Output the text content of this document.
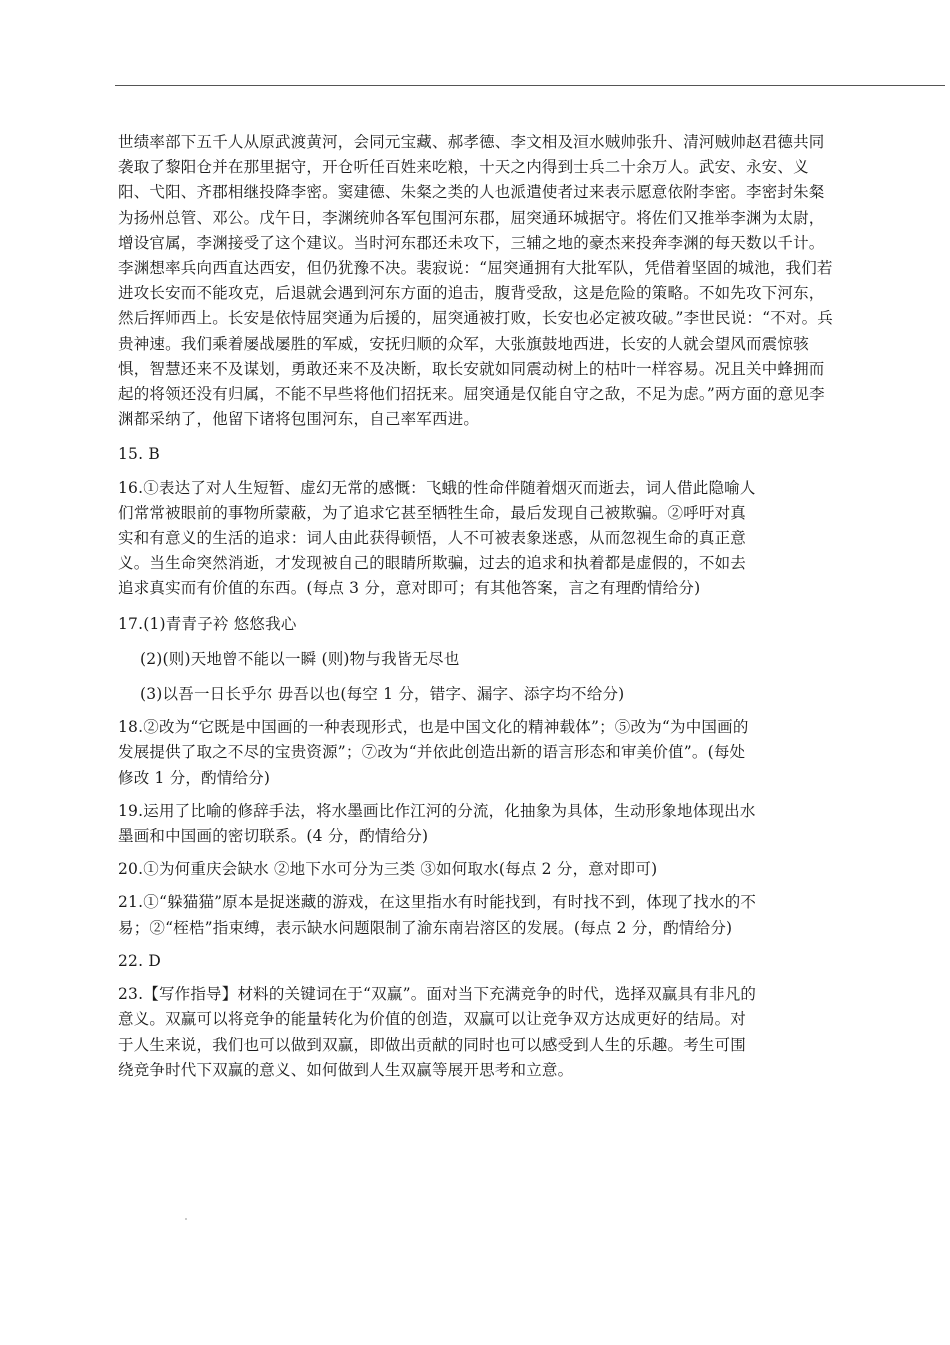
世绩率部下五千人从原武渡黄河，会同元宝藏、郝孝德、李文相及洹水贼帅张升、清河贼帅赵君德共同袭取了黎阳仓并在那里据守，开仓听任百姓来吃粮，十天之内得到士兵二十余万人。武安、永安、义阳、弋阳、齐郡相继投降李密。窦建德、朱粲之类的人也派遣使者过来表示愿意依附李密。李密封朱粲为扬州总管、邓公。戊午日，李渊统帅各军包围河东郡，屈突通环城据守。将佐们又推举李渊为太尉，增设官属，李渊接受了这个建议。当时河东郡还未攻下，三辅之地的豪杰来投奔李渊的每天数以千计。李渊想率兵向西直达西安，但仍犹豫不决。裴寂说：“屈突通拥有大批军队，凭借着坚固的城池，我们若进攻长安而不能攻克，后退就会遇到河东方面的追击，腹背受敌，这是危险的策略。不如先攻下河东，然后挥师西上。长安是依恃屈突通为后援的，屈突通被打败，长安也必定被攻破。”李世民说：“不对。兵贵神速。我们乘着屡战屡胜的军威，安抚归顺的众军，大张旗鼓地西进，长安的人就会望风而震惊骇惧，智慧还来不及谋划，勇敢还来不及决断，取长安就如同震动树上的枯叶一样容易。况且关中蜂拥而起的将领还没有归属，不能不早些将他们招抚来。屈突通是仅能自守之敌，不足为虑。”两方面的意见李渊都采纳了，他留下诸将包围河东，自己率军西进。

15. B

16.①表达了对人生短暂、虚幻无常的感慨：飞蛾的性命伴随着烟灭而逝去，词人借此隐喻人们常常被眼前的事物所蒙蔽，为了追求它甚至牺牲生命，最后发现自己被欺骗。②呼吁对真实和有意义的生活的追求：词人由此获得顿悟，人不可被表象迷惑，从而忽视生命的真正意义。当生命突然消逝，才发现被自己的眼睛所欺骗，过去的追求和执着都是虚假的，不如去追求真实而有价值的东西。(每点 3 分，意对即可；有其他答案，言之有理酌情给分)

17.(1)青青子衿 悠悠我心

(2)(则)天地曾不能以一瞬 (则)物与我皆无尽也

(3)以吾一日长乎尔 毋吾以也(每空 1 分，错字、漏字、添字均不给分)

18.②改为“它既是中国画的一种表现形式，也是中国文化的精神载体”；⑤改为“为中国画的发展提供了取之不尽的宝贵资源”；⑦改为“并依此创造出新的语言形态和审美价值”。(每处修改 1 分，酌情给分)

19.运用了比喻的修辞手法，将水墨画比作江河的分流，化抽象为具体，生动形象地体现出水墨画和中国画的密切联系。(4 分，酌情给分)

20.①为何重庆会缺水 ②地下水可分为三类 ③如何取水(每点 2 分，意对即可)

21.①“躲猫猫”原本是捉迷藏的游戏，在这里指水有时能找到，有时找不到，体现了找水的不易；②“桎梏”指束缚，表示缺水问题限制了渝东南岩溶区的发展。(每点 2 分，酌情给分)

22. D

23.【写作指导】材料的关键词在于“双赢”。面对当下充满竞争的时代，选择双赢具有非凡的意义。双赢可以将竞争的能量转化为价值的创造，双赢可以让竞争双方达成更好的结局。对于人生来说，我们也可以做到双赢，即做出贡献的同时也可以感受到人生的乐趣。考生可围绕竞争时代下双赢的意义、如何做到人生双赢等展开思考和立意。
